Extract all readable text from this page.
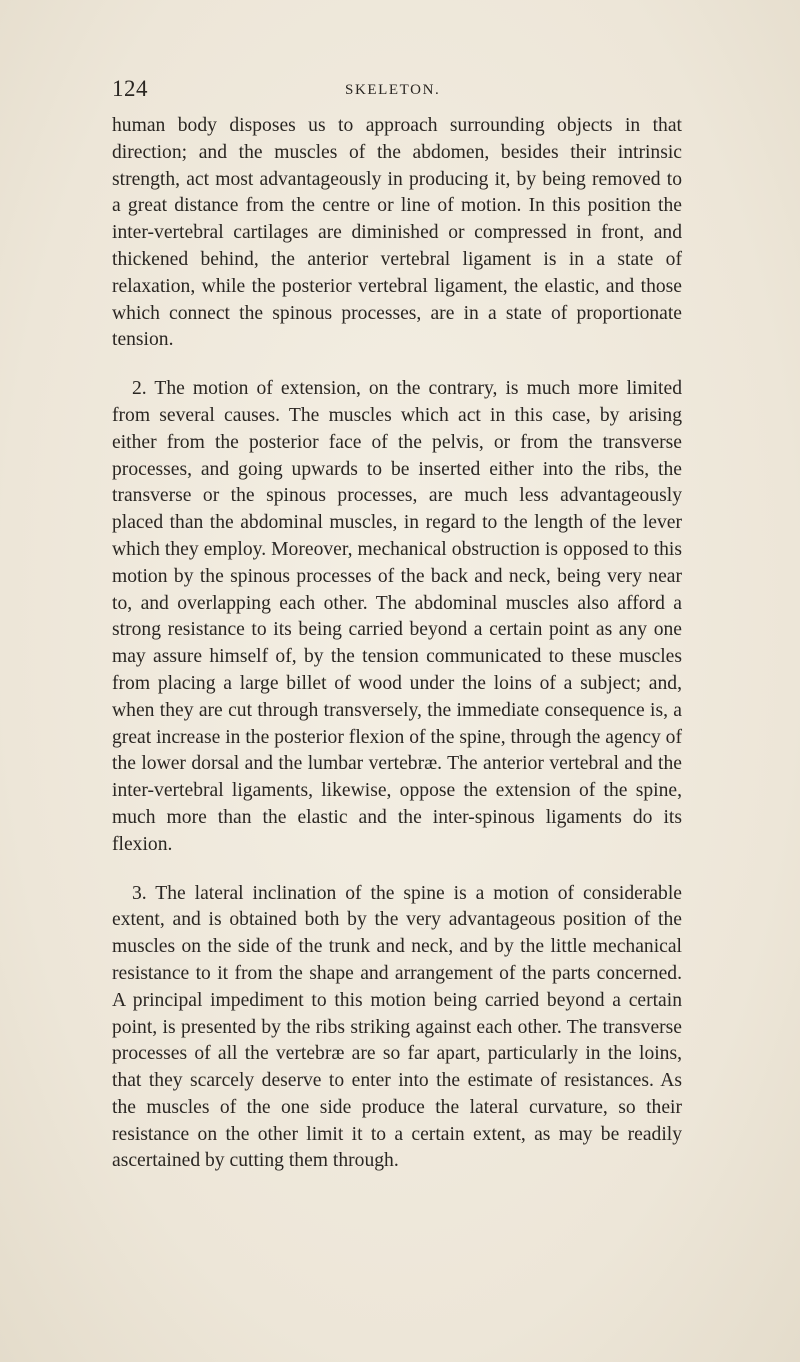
124	SKELETON.

human body disposes us to approach surrounding objects in that direction; and the muscles of the abdomen, besides their intrinsic strength, act most advantageously in producing it, by being removed to a great distance from the centre or line of motion. In this position the inter-vertebral cartilages are diminished or compressed in front, and thickened behind, the anterior vertebral ligament is in a state of relaxation, while the posterior vertebral ligament, the elastic, and those which connect the spinous processes, are in a state of proportionate tension.

2. The motion of extension, on the contrary, is much more limited from several causes. The muscles which act in this case, by arising either from the posterior face of the pelvis, or from the transverse processes, and going upwards to be inserted either into the ribs, the transverse or the spinous processes, are much less advantageously placed than the abdominal muscles, in regard to the length of the lever which they employ. Moreover, mechanical obstruction is opposed to this motion by the spinous processes of the back and neck, being very near to, and overlapping each other. The abdominal muscles also afford a strong resistance to its being carried beyond a certain point as any one may assure himself of, by the tension communicated to these muscles from placing a large billet of wood under the loins of a subject; and, when they are cut through transversely, the immediate consequence is, a great increase in the posterior flexion of the spine, through the agency of the lower dorsal and the lumbar vertebræ. The anterior vertebral and the inter-vertebral ligaments, likewise, oppose the extension of the spine, much more than the elastic and the inter-spinous ligaments do its flexion.

3. The lateral inclination of the spine is a motion of considerable extent, and is obtained both by the very advantageous position of the muscles on the side of the trunk and neck, and by the little mechanical resistance to it from the shape and arrangement of the parts concerned. A principal impediment to this motion being carried beyond a certain point, is presented by the ribs striking against each other. The transverse processes of all the vertebræ are so far apart, particularly in the loins, that they scarcely deserve to enter into the estimate of resistances. As the muscles of the one side produce the lateral curvature, so their resistance on the other limit it to a certain extent, as may be readily ascertained by cutting them through.
